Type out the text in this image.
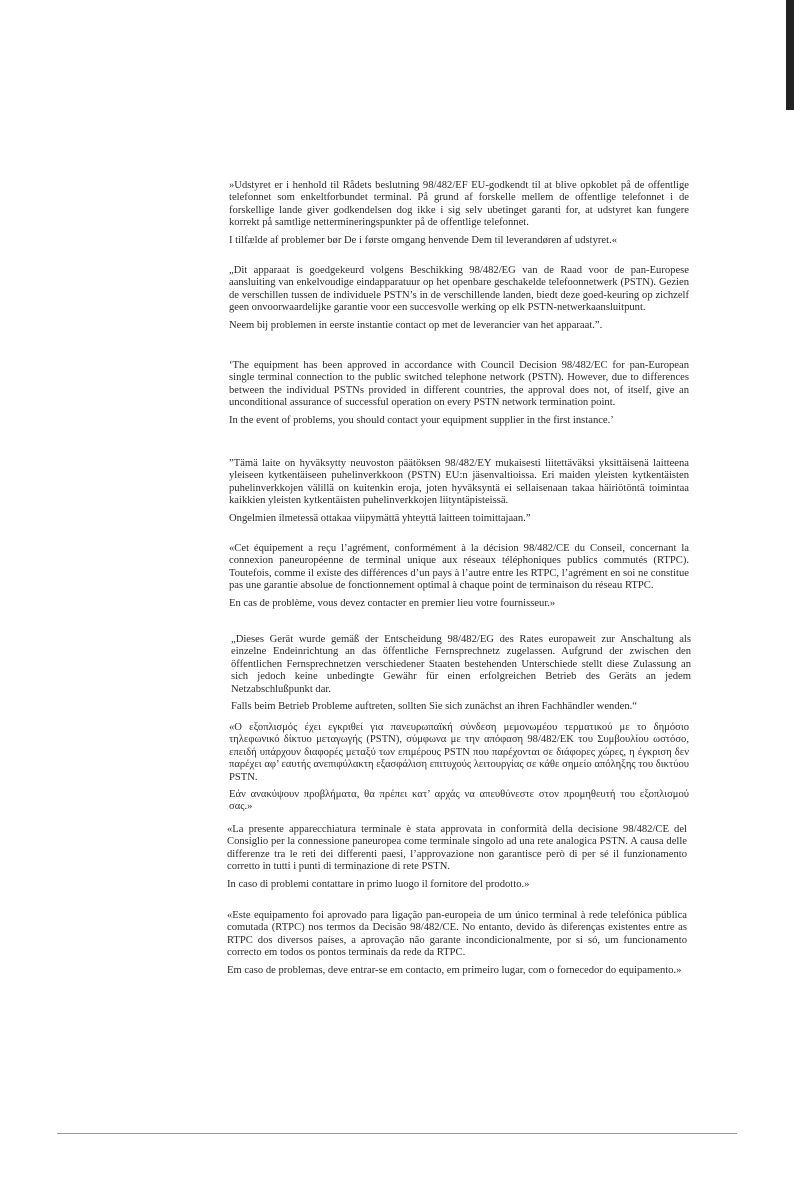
»Udstyret er i henhold til Rådets beslutning 98/482/EF EU-godkendt til at blive opkoblet på de offentlige telefonnet som enkeltforbundet terminal. På grund af forskelle mellem de offentlige telefonnet i de forskellige lande giver godkendelsen dog ikke i sig selv ubetinget garanti for, at udstyret kan fungere korrekt på samtlige nettermineringspunkter på de offentlige telefonnet.

I tilfælde af problemer bør De i første omgang henvende Dem til leverandøren af udstyret.«

„Dit apparaat is goedgekeurd volgens Beschikking 98/482/EG van de Raad voor de pan-Europese aansluiting van enkelvoudige eindapparatuur op het openbare geschakelde telefoonnetwerk (PSTN). Gezien de verschillen tussen de individuele PSTN’s in de verschillende landen, biedt deze goed-keuring op zichzelf geen onvoorwaardelijke garantie voor een succesvolle werking op elk PSTN-netwerkaansluitpunt.

Neem bij problemen in eerste instantie contact op met de leverancier van het apparaat.”.

‘The equipment has been approved in accordance with Council Decision 98/482/EC for pan-European single terminal connection to the public switched telephone network (PSTN). However, due to differences between the individual PSTNs provided in different countries, the approval does not, of itself, give an unconditional assurance of successful operation on every PSTN network termination point.

In the event of problems, you should contact your equipment supplier in the first instance.’

”Tämä laite on hyväksytty neuvoston päätöksen 98/482/EY mukaisesti liitettäväksi yksittäisenä laitteena yleiseen kytkentäiseen puhelinverkkoon (PSTN) EU:n jäsenvaltioissa. Eri maiden yleisten kytkentäisten puhelinverkkojen välillä on kuitenkin eroja, joten hyväksyntä ei sellaisenaan takaa häiriötöntä toimintaa kaikkien yleisten kytkentäisten puhelinverkkojen liityntäpisteissä.

Ongelmien ilmetessä ottakaa viipymättä yhteyttä laitteen toimittajaan.”

«Cet équipement a reçu l’agrément, conformément à la décision 98/482/CE du Conseil, concernant la connexion paneuropéenne de terminal unique aux réseaux téléphoniques publics commutés (RTPC). Toutefois, comme il existe des différences d’un pays à l’autre entre les RTPC, l’agrément en soi ne constitue pas une garantie absolue de fonctionnement optimal à chaque point de terminaison du réseau RTPC.

En cas de problème, vous devez contacter en premier lieu votre fournisseur.»

„Dieses Gerät wurde gemäß der Entscheidung 98/482/EG des Rates europaweit zur Anschaltung als einzelne Endeinrichtung an das öffentliche Fernsprechnetz zugelassen. Aufgrund der zwischen den öffentlichen Fernsprechnetzen verschiedener Staaten bestehenden Unterschiede stellt diese Zulassung an sich jedoch keine unbedingte Gewähr für einen erfolgreichen Betrieb des Geräts an jedem Netzabschlußpunkt dar.

Falls beim Betrieb Probleme auftreten, sollten Sie sich zunächst an ihren Fachhändler wenden.“

«Ο εξοπλισμός έχει εγκριθεί για πανευρωπαϊκή σύνδεση μεμονωμέου τερματικού με το δημόσιο τηλεφωνικό δίκτυο μεταγωγής (PSTN), σύμφωνα με την απόφαση 98/482/ΕΚ του Συμβουλίου ωστόσο, επειδή υπάρχουν διαφορές μεταξύ των επιμέρους PSTN που παρέχονται σε διάφορες χώρες, η έγκριση δεν παρέχει αφ’ εαυτής ανεπιφύλακτη εξασφάλιση επιτυχούς λειτουργίας σε κάθε σημείο απόληξης του δικτύου PSTN.

Εάν ανακύψουν προβλήματα, θα πρέπει κατ’ αρχάς να απευθύνεστε στον προμηθευτή του εξοπλισμού σας.»

«La presente apparecchiatura terminale è stata approvata in conformità della decisione 98/482/CE del Consiglio per la connessione paneuropea come terminale singolo ad una rete analogica PSTN. A causa delle differenze tra le reti dei differenti paesi, l’approvazione non garantisce però di per sé il funzionamento corretto in tutti i punti di terminazione di rete PSTN.

In caso di problemi contattare in primo luogo il fornitore del prodotto.»

«Este equipamento foi aprovado para ligação pan-europeia de um único terminal à rede telefónica pública comutada (RTPC) nos termos da Decisão 98/482/CE. No entanto, devido às diferenças existentes entre as RTPC dos diversos países, a aprovação não garante incondicionalmente, por si só, um funcionamento correcto em todos os pontos terminais da rede da RTPC.

Em caso de problemas, deve entrar-se em contacto, em primeiro lugar, com o fornecedor do equipamento.»
